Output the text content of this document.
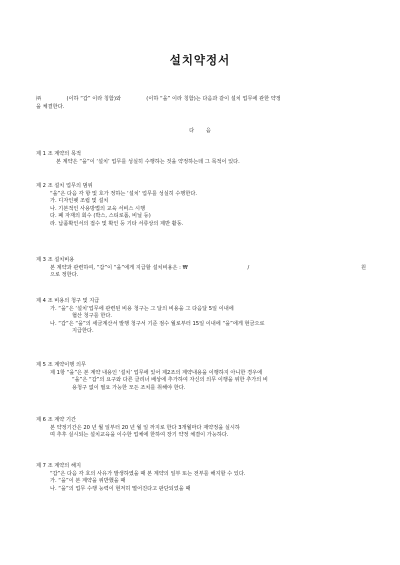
설치약정서
㈜	(이하 “갑” 이라 칭함)와	(이하 “을” 이라 칭함)는 다음과 같이 설치 업무에 관한 약정
을 체결한다.
다 음
제 1 조 계약의 목적
본 계약은 “을”이 ‘설치’ 업무를 성실히 수행하는 것을 약정하는데 그 목적이 있다.
제 2 조 설치 업무의 범위
“을”은 다음 각 항 및 호가 정하는 ‘설치’ 업무를 성실히 수행한다.
가. 디자인펫 조립 및 설치
나. 기본적인 사용방법의 교육 서비스 시행
다. 폐 자재의 회수 (박스, 스티로폼, 비닐 등)
라. 납품확인서의 접수 및 확인 등 기타 서류상의 제반 활동.
제 3 조 설치비용
본 계약과 관련하여, “갑”이 “을”에게 지급할 설치비용은 : ₩	/	원
으로 정한다.
제 4 조 비용의 청구 및 지급
가. “을”은 ‘설치’업무에 관련된 비용 청구는 그 달의 비용을 그 다음달 5일 이내에
협산 청구를 한다.
나. “갑”은 “을”의 세금계산서 발행 청구서 기준 점수 월로부터 15일 이내에 “을”에게 현금으로
지급한다.
제 5 조 계약이행 의무
제 1항 “을”은 본 계약 내용인 ‘설치’ 업무에 있어 제2조의 계약내용을 이행하지 아니한 경우에
“을”은 “갑”의 요구와 다른 클리너 배상에 추가하여 자신의 의무 이행을 위한 추가의 비
용청구 없이 필요 가능한 모든 조치를 취해야 한다.
제 6 조 계약 기간
본 약정기간은 20 년 월 일부터 20 년 월 일 까지로 한다 3개월마다 재약정을 실시하
며 추후 실시되는 설치교육을 이수한 업체에 한하여 장기 약정 체결이 가능하다.
제 7 조 계약의 해지
“갑”은 다음 각 호의 사유가 발생하였을 때 본 계약의 일부 또는 전부를 해지할 수 있다.
가. “을”이 본 계약을 위반했을 때
나. “을”의 업무 수행 능력이 현저히 떨어진다고 판단되었을 때
